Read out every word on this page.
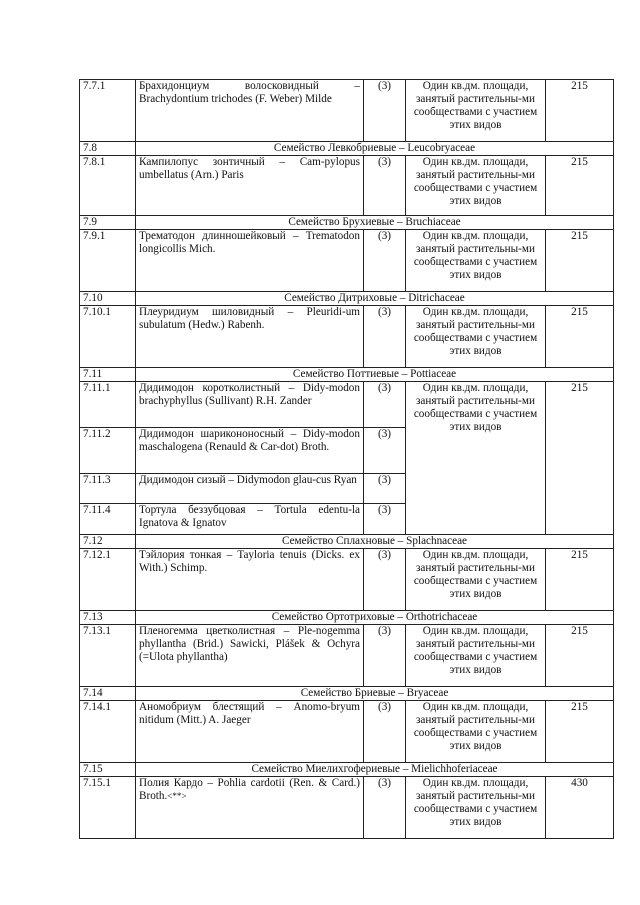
7.7.1	Брахидонциум волосковидный – Brachydontium trichodes (F. Weber) Milde	(3)	Один кв.дм. площади, занятый растительны-ми сообществами с участием этих видов	215
7.8	Семейство Левкобриевые – Leucobryaceae			
7.8.1	Кампилопус зонтичный – Cam-pylopus umbellatus (Arn.) Paris	(3)	Один кв.дм. площади, занятый растительны-ми сообществами с участием этих видов	215
7.9	Семейство Брухиевые – Bruchiaceae			
7.9.1	Трематодон длинношейковый – Trematodon longicollis Mich.	(3)	Один кв.дм. площади, занятый растительны-ми сообществами с участием этих видов	215
7.10	Семейство Дитриховые – Ditrichaceae			
7.10.1	Плеуридиум шиловидный – Pleuridi-um subulatum (Hedw.) Rabenh.	(3)	Один кв.дм. площади, занятый растительны-ми сообществами с участием этих видов	215
7.11	Семейство Поттиевые – Pottiaceae			
7.11.1	Дидимодон коротколистный – Didy-modon brachyphyllus (Sullivant) R.H. Zander	(3)	Один кв.дм. площади, занятый растительны-ми сообществами с участием этих видов	215
7.11.2	Дидимодон шарикононосный – Didy-modon maschalogena (Renauld & Car-dot) Broth.	(3)		
7.11.3	Дидимодон сизый – Didymodon glau-cus Ryan	(3)		
7.11.4	Тортула беззубцовая – Tortula edentu-la Ignatova & Ignatov	(3)		
7.12	Семейство Сплахновые – Splachnaceae			
7.12.1	Тэйлория тонкая – Tayloria tenuis (Dicks. ex With.) Schimp.	(3)	Один кв.дм. площади, занятый растительны-ми сообществами с участием этих видов	215
7.13	Семейство Ортотриховые – Orthotrichaceae			
7.13.1	Пленогемма цветколистная – Ple-nogemma phyllantha (Brid.) Sawicki, Plášek & Ochyra (=Ulota phyllantha)	(3)	Один кв.дм. площади, занятый растительны-ми сообществами с участием этих видов	215
7.14	Семейство Бриевые – Bryaceae			
7.14.1	Аномобриум блестящий – Anomo-bryum nitidum (Mitt.) A. Jaeger	(3)	Один кв.дм. площади, занятый растительны-ми сообществами с участием этих видов	215
7.15	Семейство Миелихгофериевые – Mielichhoferiaceae			
7.15.1	Полия Кардо – Pohlia cardotii (Ren. & Card.) Broth.<**>	(3)	Один кв.дм. площади, занятый растительны-ми сообществами с участием этих видов	430
